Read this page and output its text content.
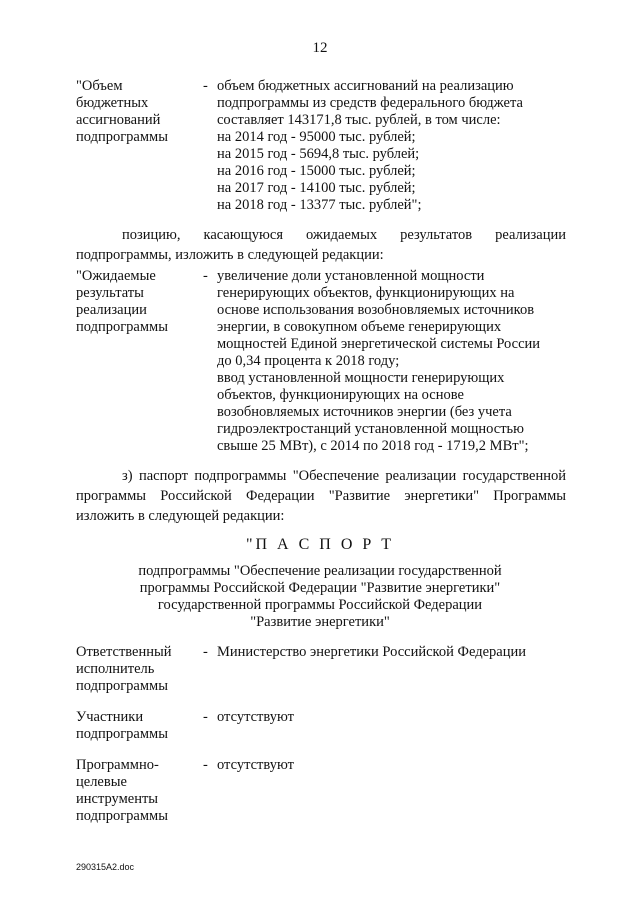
12
"Объем
бюджетных
ассигнований
подпрограммы
- объем бюджетных ассигнований на реализацию
подпрограммы из средств федерального бюджета
составляет 143171,8 тыс. рублей, в том числе:
на 2014 год - 95000 тыс. рублей;
на 2015 год - 5694,8 тыс. рублей;
на 2016 год - 15000 тыс. рублей;
на 2017 год - 14100 тыс. рублей;
на 2018 год - 13377 тыс. рублей";
позицию, касающуюся ожидаемых результатов реализации
подпрограммы, изложить в следующей редакции:
"Ожидаемые
результаты
реализации
подпрограммы
- увеличение доли установленной мощности
генерирующих объектов, функционирующих на
основе использования возобновляемых источников
энергии, в совокупном объеме генерирующих
мощностей Единой энергетической системы России
до 0,34 процента к 2018 году;
ввод установленной мощности генерирующих
объектов, функционирующих на основе
возобновляемых источников энергии (без учета
гидроэлектростанций установленной мощностью
свыше 25 МВт), с 2014 по 2018 год - 1719,2 МВт";
з) паспорт подпрограммы "Обеспечение реализации государственной
программы Российской Федерации "Развитие энергетики" Программы
изложить в следующей редакции:
"П А С П О Р Т
подпрограммы "Обеспечение реализации государственной
программы Российской Федерации "Развитие энергетики"
государственной программы Российской Федерации
"Развитие энергетики"
Ответственный
исполнитель
подпрограммы
- Министерство энергетики Российской Федерации
Участники
подпрограммы
- отсутствуют
Программно-
целевые
инструменты
подпрограммы
- отсутствуют
290315A2.doc
